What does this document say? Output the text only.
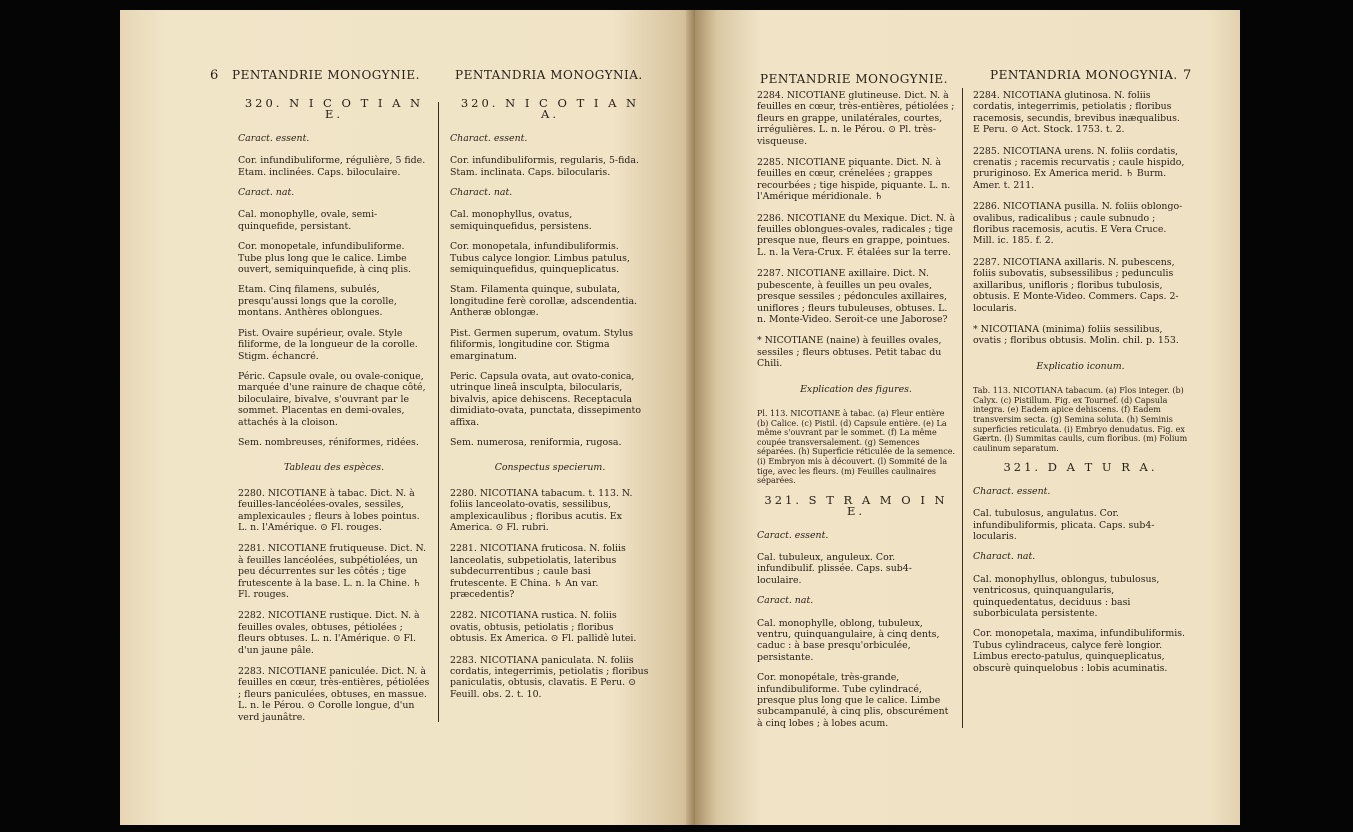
6 PENTANDRIE MONOGYNIE.	PENTANDRIA MONOGYNIA.

320. N I C O T I A N E.

Caract. essent.

Cor. infundibuliforme, régulière, 5 fide. Etam. inclinées. Caps. biloculaire.

Caract. nat.

Cal. monophylle, ovale, semi-quinquefide, persistant.

Cor. monopetale, infundibuliforme. Tube plus long que le calice. Limbe ouvert, semiquinquefide, à cinq plis.

Etam. Cinq filamens, subulés, presqu'aussi longs que la corolle, montans. Anthères oblongues.

Pist. Ovaire supérieur, ovale. Style filiforme, de la longueur de la corolle. Stigm. échancré.

Péric. Capsule ovale, ou ovale-conique, marquée d'une rainure de chaque côté, biloculaire, bivalve, s'ouvrant par le sommet. Placentas en demi-ovales, attachés à la cloison.

Sem. nombreuses, réniformes, ridées.

Tableau des espèces.

2280. NICOTIANE à tabac. Dict. N. à feuilles-lancéolées-ovales, sessiles, amplexicaules ; fleurs à lobes pointus. L. n. l'Amérique. ⊙ Fl. rouges.

2281. NICOTIANE frutiqueuse. Dict. N. à feuilles lancéolées, subpétiolées, un peu décurrentes sur les côtés ; tige frutescente à la base. L. n. la Chine. ♄ Fl. rouges.

2282. NICOTIANE rustique. Dict. N. à feuilles ovales, obtuses, pétiolées ; fleurs obtuses. L. n. l'Amérique. ⊙ Fl. d'un jaune pâle.

2283. NICOTIANE paniculée. Dict. N. à feuilles en cœur, très-entières, pétiolées ; fleurs paniculées, obtuses, en massue. L. n. le Pérou. ⊙ Corolle longue, d'un verd jaunâtre.

320. N I C O T I A N A.

Charact. essent.

Cor. infundibuliformis, regularis, 5-fida. Stam. inclinata. Caps. bilocularis.

Charact. nat.

Cal. monophyllus, ovatus, semiquinquefidus, persistens.

Cor. monopetala, infundibuliformis. Tubus calyce longior. Limbus patulus, semiquinquefidus, quinqueplicatus.

Stam. Filamenta quinque, subulata, longitudine ferè corollæ, adscendentia. Antheræ oblongæ.

Pist. Germen superum, ovatum. Stylus filiformis, longitudine cor. Stigma emarginatum.

Peric. Capsula ovata, aut ovato-conica, utrinque lineâ insculpta, bilocularis, bivalvis, apice dehiscens. Receptacula dimidiato-ovata, punctata, dissepimento affixa.

Sem. numerosa, reniformia, rugosa.

Conspectus specierum.

2280. NICOTIANA tabacum. t. 113. N. foliis lanceolato-ovatis, sessilibus, amplexicaulibus ; floribus acutis. Ex America. ⊙ Fl. rubri.

2281. NICOTIANA fruticosa. N. foliis lanceolatis, subpetiolatis, lateribus subdecurrentibus ; caule basi frutescente. E China. ♄ An var. præcedentis?

2282. NICOTIANA rustica. N. foliis ovatis, obtusis, petiolatis ; floribus obtusis. Ex America. ⊙ Fl. pallidè lutei.

2283. NICOTIANA paniculata. N. foliis cordatis, integerrimis, petiolatis ; floribus paniculatis, obtusis, clavatis. E Peru. ⊙ Feuill. obs. 2. t. 10.

PENTANDRIE MONOGYNIE.	PENTANDRIA MONOGYNIA. 7

2284. NICOTIANE glutineuse. Dict. N. à feuilles en cœur, très-entières, pétiolées ; fleurs en grappe, unilatérales, courtes, irrégulières. L. n. le Pérou. ⊙ Pl. très-visqueuse.

2285. NICOTIANE piquante. Dict. N. à feuilles en cœur, crénelées ; grappes recourbées ; tige hispide, piquante. L. n. l'Amérique méridionale. ♄

2286. NICOTIANE du Mexique. Dict. N. à feuilles oblongues-ovales, radicales ; tige presque nue, fleurs en grappe, pointues. L. n. la Vera-Crux. F. étalées sur la terre.

2287. NICOTIANE axillaire. Dict. N. pubescente, à feuilles un peu ovales, presque sessiles ; pédoncules axillaires, uniflores ; fleurs tubuleuses, obtuses. L. n. Monte-Video. Seroit-ce une Jaborose?

* NICOTIANE (naine) à feuilles ovales, sessiles ; fleurs obtuses. Petit tabac du Chili.

Explication des figures.

Pl. 113. NICOTIANE à tabac. (a) Fleur entière (b) Calice. (c) Pistil. (d) Capsule entière. (e) La même s'ouvrant par le sommet. (f) La même coupée transversalement. (g) Semences séparées. (h) Superficie réticulée de la semence. (i) Embryon mis à découvert. (l) Sommité de la tige, avec les fleurs. (m) Feuilles caulinaires séparées.

321. S T R A M O I N E.

Caract. essent.

Cal. tubuleux, anguleux. Cor. infundibulif. plissée. Caps. sub4-loculaire.

Caract. nat.

Cal. monophylle, oblong, tubuleux, ventru, quinquangulaire, à cinq dents, caduc : à base presqu'orbiculée, persistante.

Cor. monopétale, très-grande, infundibuliforme. Tube cylindracé, presque plus long que le calice. Limbe subcampanulé, à cinq plis, obscurément à cinq lobes ; à lobes acum.

2284. NICOTIANA glutinosa. N. foliis cordatis, integerrimis, petiolatis ; floribus racemosis, secundis, brevibus inæqualibus. E Peru. ⊙ Act. Stock. 1753. t. 2.

2285. NICOTIANA urens. N. foliis cordatis, crenatis ; racemis recurvatis ; caule hispido, pruriginoso. Ex America merid. ♄ Burm. Amer. t. 211.

2286. NICOTIANA pusilla. N. foliis oblongo-ovalibus, radicalibus ; caule subnudo ; floribus racemosis, acutis. E Vera Cruce. Mill. ic. 185. f. 2.

2287. NICOTIANA axillaris. N. pubescens, foliis subovatis, subsessilibus ; pedunculis axillaribus, unifloris ; floribus tubulosis, obtusis. E Monte-Video. Commers. Caps. 2-locularis.

* NICOTIANA (minima) foliis sessilibus, ovatis ; floribus obtusis. Molin. chil. p. 153.

Explicatio iconum.

Tab. 113. NICOTIANA tabacum. (a) Flos integer. (b) Calyx. (c) Pistillum. Fig. ex Tournef. (d) Capsula integra. (e) Eadem apice dehiscens. (f) Eadem transversim secta. (g) Semina soluta. (h) Seminis superficies reticulata. (i) Embryo denudatus. Fig. ex Gærtn. (l) Summitas caulis, cum floribus. (m) Folium caulinum separatum.

321. D A T U R A.

Charact. essent.

Cal. tubulosus, angulatus. Cor. infundibuliformis, plicata. Caps. sub4-locularis.

Charact. nat.

Cal. monophyllus, oblongus, tubulosus, ventricosus, quinquangularis, quinquedentatus, deciduus : basi suborbiculata persistente.

Cor. monopetala, maxima, infundibuliformis. Tubus cylindraceus, calyce ferè longior. Limbus erecto-patulus, quinqueplicatus, obscurè quinquelobus : lobis acuminatis.
